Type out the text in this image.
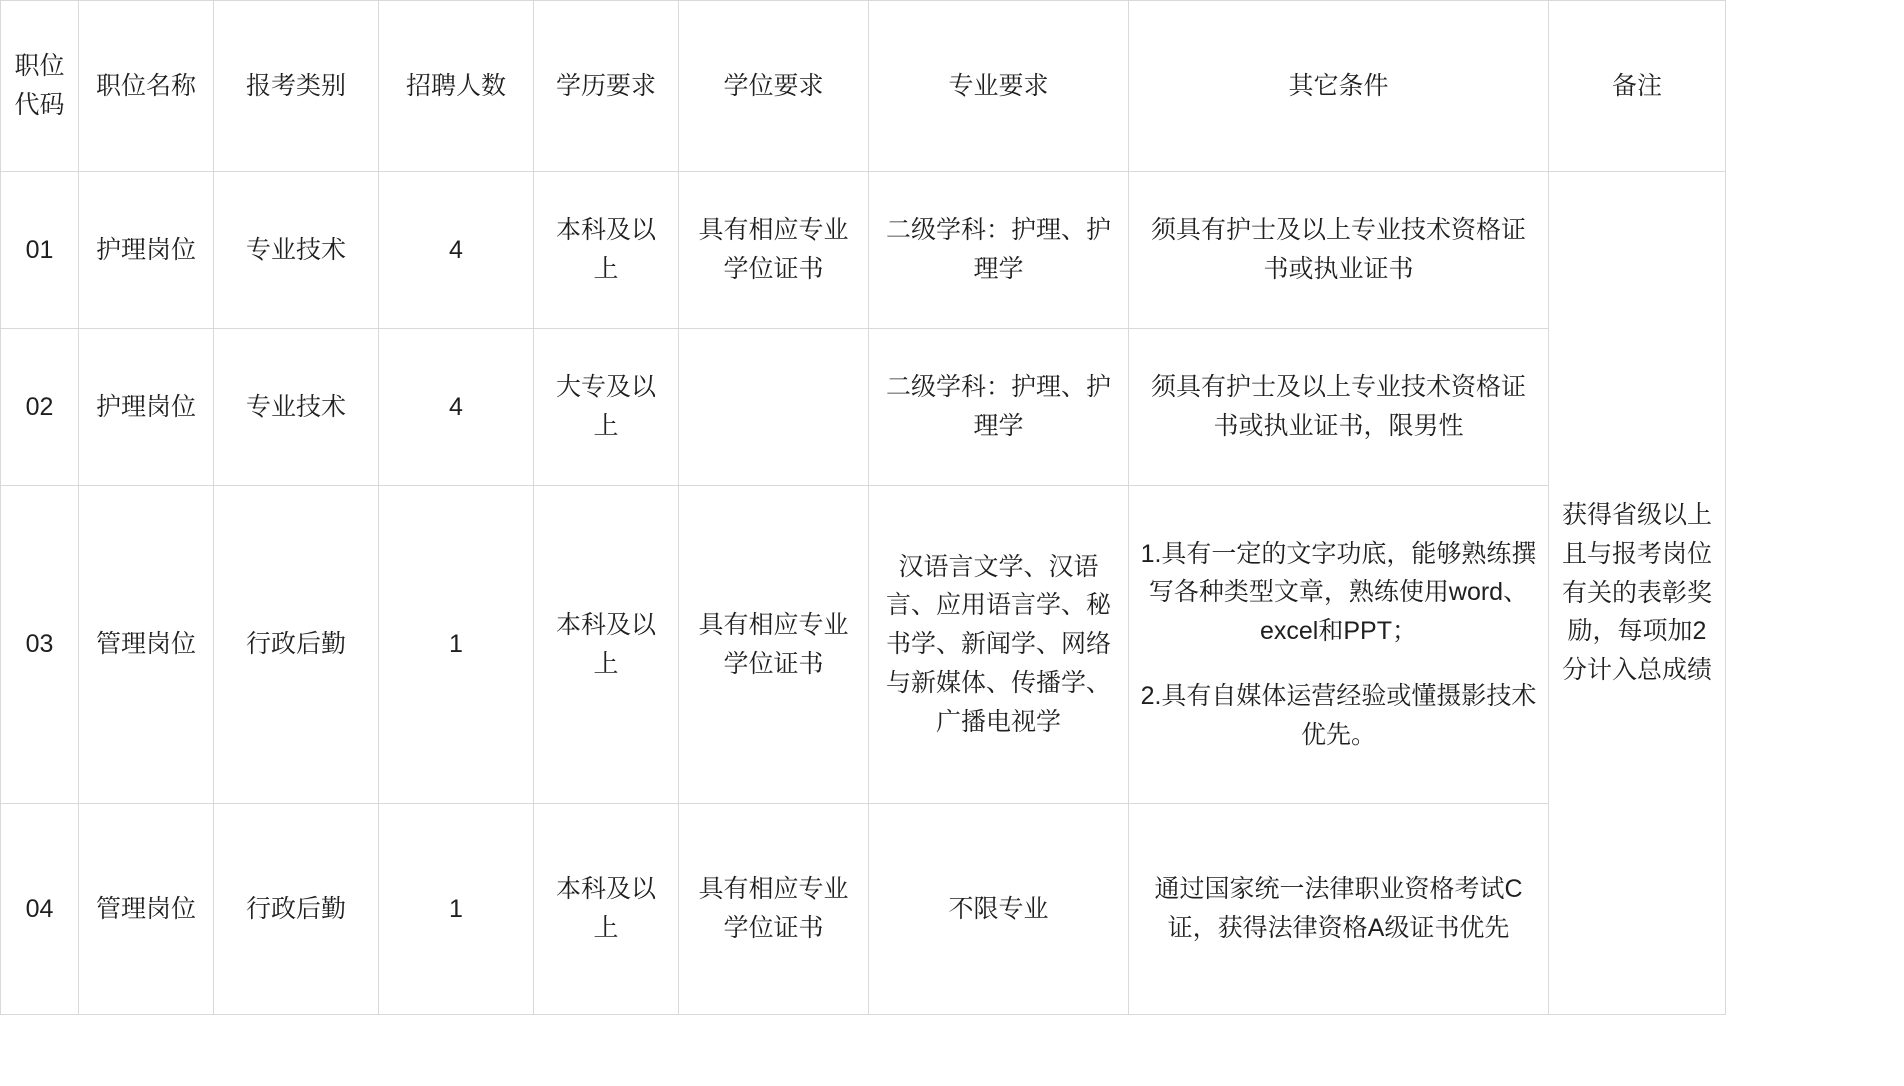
职位代码	职位名称	报考类别	招聘人数	学历要求	学位要求	专业要求	其它条件	备注
01	护理岗位	专业技术	4	本科及以上	具有相应专业学位证书	二级学科：护理、护理学	须具有护士及以上专业技术资格证书或执业证书	获得省级以上且与报考岗位有关的表彰奖励，每项加2分计入总成绩
02	护理岗位	专业技术	4	大专及以上		二级学科：护理、护理学	须具有护士及以上专业技术资格证书或执业证书，限男性	
03	管理岗位	行政后勤	1	本科及以上	具有相应专业学位证书	汉语言文学、汉语言、应用语言学、秘书学、新闻学、网络与新媒体、传播学、广播电视学	1.具有一定的文字功底，能够熟练撰写各种类型文章，熟练使用word、excel和PPT；

2.具有自媒体运营经验或懂摄影技术优先。	

04	管理岗位	行政后勤	1	本科及以上	具有相应专业学位证书	不限专业	通过国家统一法律职业资格考试C证，获得法律资格A级证书优先	
